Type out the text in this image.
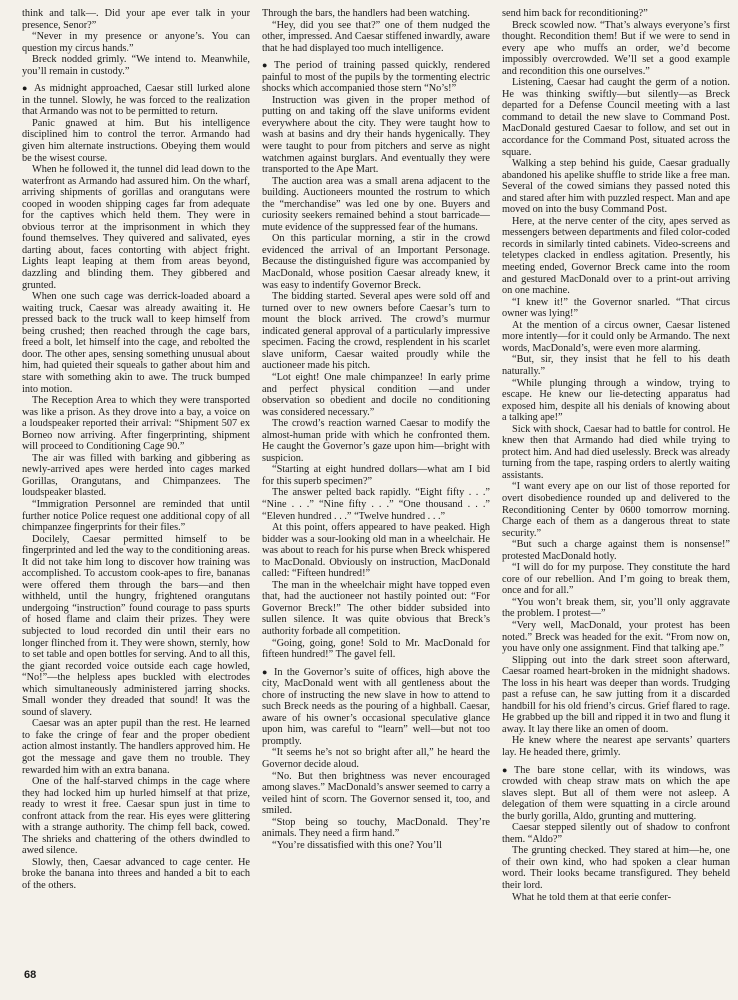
think and talk—. Did your ape ever talk in your presence, Senor?”

“Never in my presence or anyone’s. You can question my circus hands.”

Breck nodded grimly. “We intend to. Meanwhile, you’ll remain in custody.”

● As midnight approached, Caesar still lurked alone in the tunnel. Slowly, he was forced to the realization that Armando was not to be permitted to return.

Panic gnawed at him. But his intelligence disciplined him to control the terror. Armando had given him alternate instructions. Obeying them would be the wisest course.

When he followed it, the tunnel did lead down to the waterfront as Armando had assured him. On the wharf, arriving shipments of gorillas and orangutans were cooped in wooden shipping cages far from adequate for the captives which held them. They were in obvious terror at the imprisonment in which they found themselves. They quivered and salivated, eyes darting about, faces contorting with abject fright. Lights leapt leaping at them from areas beyond, dazzling and blinding them. They gibbered and grunted.

When one such cage was derrick-loaded aboard a waiting truck, Caesar was already awaiting it. He pressed back to the truck wall to keep himself from being crushed; then reached through the cage bars, freed a bolt, let himself into the cage, and rebolted the door. The other apes, sensing something unusual about him, had quieted their squeals to gather about him and stare with something akin to awe. The truck bumped into motion.

The Reception Area to which they were transported was like a prison. As they drove into a bay, a voice on a loudspeaker reported their arrival: “Shipment 507 ex Borneo now arriving. After fingerprinting, shipment will proceed to Conditioning Cage 90.”

The air was filled with barking and gibbering as newly-arrived apes were herded into cages marked Gorillas, Orangutans, and Chimpanzees. The loudspeaker blasted.

“Immigration Personnel are reminded that until further notice Police request one additional copy of all chimpanzee fingerprints for their files.”

Docilely, Caesar permitted himself to be fingerprinted and led the way to the conditioning areas. It did not take him long to discover how training was accomplished. To accustom cook-apes to fire, bananas were offered them through the bars—and then withheld, until the hungry, frightened orangutans undergoing “instruction” found courage to pass spurts of hosed flame and claim their prizes. They were subjected to loud recorded din until their ears no longer flinched from it. They were shown, sternly, how to set table and open bottles for serving. And to all this, the giant recorded voice outside each cage howled, “No!”—the helpless apes buckled with electrodes which simultaneously administered jarring shocks. Small wonder they dreaded that sound! It was the sound of slavery.

Caesar was an apter pupil than the rest. He learned to fake the cringe of fear and the proper obedient action almost instantly. The handlers approved him. He got the message and gave them no trouble. They rewarded him with an extra banana.

One of the half-starved chimps in the cage where they had locked him up hurled himself at that prize, ready to wrest it free. Caesar spun just in time to confront attack from the rear. His eyes were glittering with a strange authority. The chimp fell back, cowed. The shrieks and chattering of the others dwindled to awed silence.

Slowly, then, Caesar advanced to cage center. He broke the banana into threes and handed a bit to each of the others.

Through the bars, the handlers had been watching.

“Hey, did you see that?” one of them nudged the other, impressed. And Caesar stiffened inwardly, aware that he had displayed too much intelligence.

● The period of training passed quickly, rendered painful to most of the pupils by the tormenting electric shocks which accompanied those stern “No’s!”

Instruction was given in the proper method of putting on and taking off the slave uniforms evident everywhere about the city. They were taught how to wash at basins and dry their hands hygenically. They were taught to pour from pitchers and serve as night watchmen against burglars. And eventually they were transported to the Ape Mart.

The auction area was a small arena adjacent to the building. Auctioneers mounted the rostrum to which the “merchandise” was led one by one. Buyers and curiosity seekers remained behind a stout barricade—mute evidence of the suppressed fear of the humans.

On this particular morning, a stir in the crowd evidenced the arrival of an Important Personage. Because the distinguished figure was accompanied by MacDonald, whose position Caesar already knew, it was easy to indentify Governor Breck.

The bidding started. Several apes were sold off and turned over to new owners before Caesar’s turn to mount the block arrived. The crowd’s murmur indicated general approval of a particularly impressive specimen. Facing the crowd, resplendent in his scarlet slave uniform, Caesar waited proudly while the auctioneer made his pitch.

“Lot eight! One male chimpanzee! In early prime and perfect physical condition —and under observation so obedient and docile no conditioning was considered necessary.”

The crowd’s reaction warned Caesar to modify the almost-human pride with which he confronted them. He caught the Governor’s gaze upon him—bright with suspicion.

“Starting at eight hundred dollars—what am I bid for this superb specimen?”

The answer pelted back rapidly. “Eight fifty . . .” “Nine . . .” “Nine fifty . . .” “One thousand . . .” “Eleven hundred . . .” “Twelve hundred . . .”

At this point, offers appeared to have peaked. High bidder was a sour-looking old man in a wheelchair. He was about to reach for his purse when Breck whispered to MacDonald. Obviously on instruction, MacDonald called: “Fifteen hundred!”

The man in the wheelchair might have topped even that, had the auctioneer not hastily pointed out: “For Governor Breck!” The other bidder subsided into sullen silence. It was quite obvious that Breck’s authority forbade all competition.

“Going, going, gone! Sold to Mr. MacDonald for fifteen hundred!” The gavel fell.

● In the Governor’s suite of offices, high above the city, MacDonald went with all gentleness about the chore of instructing the new slave in how to attend to such Breck needs as the pouring of a highball. Caesar, aware of his owner’s occasional speculative glance upon him, was careful to “learn” well—but not too promptly.

“It seems he’s not so bright after all,” he heard the Governor decide aloud.

“No. But then brightness was never encouraged among slaves.” MacDonald’s answer seemed to carry a veiled hint of scorn. The Governor sensed it, too, and smiled.

“Stop being so touchy, MacDonald. They’re animals. They need a firm hand.”

“You’re dissatisfied with this one? You’ll

send him back for reconditioning?”

Breck scowled now. “That’s always everyone’s first thought. Recondition them! But if we were to send in every ape who muffs an order, we’d become impossibly overcrowded. We’ll set a good example and recondition this one ourselves.”

Listening, Caesar had caught the germ of a notion. He was thinking swiftly—but silently—as Breck departed for a Defense Council meeting with a last command to detail the new slave to Command Post. MacDonald gestured Caesar to follow, and set out in accordance for the Command Post, situated across the square.

Walking a step behind his guide, Caesar gradually abandoned his apelike shuffle to stride like a free man. Several of the cowed simians they passed noted this and stared after him with puzzled respect. Man and ape moved on into the busy Command Post.

Here, at the nerve center of the city, apes served as messengers between departments and filed color-coded records in similarly tinted cabinets. Video-screens and teletypes clacked in endless agitation. Presently, his meeting ended, Governor Breck came into the room and gestured MacDonald over to a print-out arriving on one machine.

“I knew it!” the Governor snarled. “That circus owner was lying!”

At the mention of a circus owner, Caesar listened more intently—for it could only be Armando. The next words, MacDonald’s, were even more alarming.

“But, sir, they insist that he fell to his death naturally.”

“While plunging through a window, trying to escape. He knew our lie-detecting apparatus had exposed him, despite all his denials of knowing about a talking ape!”

Sick with shock, Caesar had to battle for control. He knew then that Armando had died while trying to protect him. And had died uselessly. Breck was already turning from the tape, rasping orders to alertly waiting assistants.

“I want every ape on our list of those reported for overt disobedience rounded up and delivered to the Reconditioning Center by 0600 tomorrow morning. Charge each of them as a dangerous threat to state security.”

“But such a charge against them is nonsense!” protested MacDonald hotly.

“I will do for my purpose. They constitute the hard core of our rebellion. And I’m going to break them, once and for all.”

“You won’t break them, sir, you’ll only aggravate the problem. I protest—”

“Very well, MacDonald, your protest has been noted.” Breck was headed for the exit. “From now on, you have only one assignment. Find that talking ape.”

Slipping out into the dark street soon afterward, Caesar roamed heart-broken in the midnight shadows. The loss in his heart was deeper than words. Trudging past a refuse can, he saw jutting from it a discarded handbill for his old friend’s circus. Grief flared to rage. He grabbed up the bill and ripped it in two and flung it away. It lay there like an omen of doom.

He knew where the nearest ape servants’ quarters lay. He headed there, grimly.

● The bare stone cellar, with its windows, was crowded with cheap straw mats on which the ape slaves slept. But all of them were not asleep. A delegation of them were squatting in a circle around the burly gorilla, Aldo, grunting and muttering.

Caesar stepped silently out of shadow to confront them. “Aldo?”

The grunting checked. They stared at him—he, one of their own kind, who had spoken a clear human word. Their looks became transfigured. They beheld their lord.

What he told them at that eerie confer-

68
